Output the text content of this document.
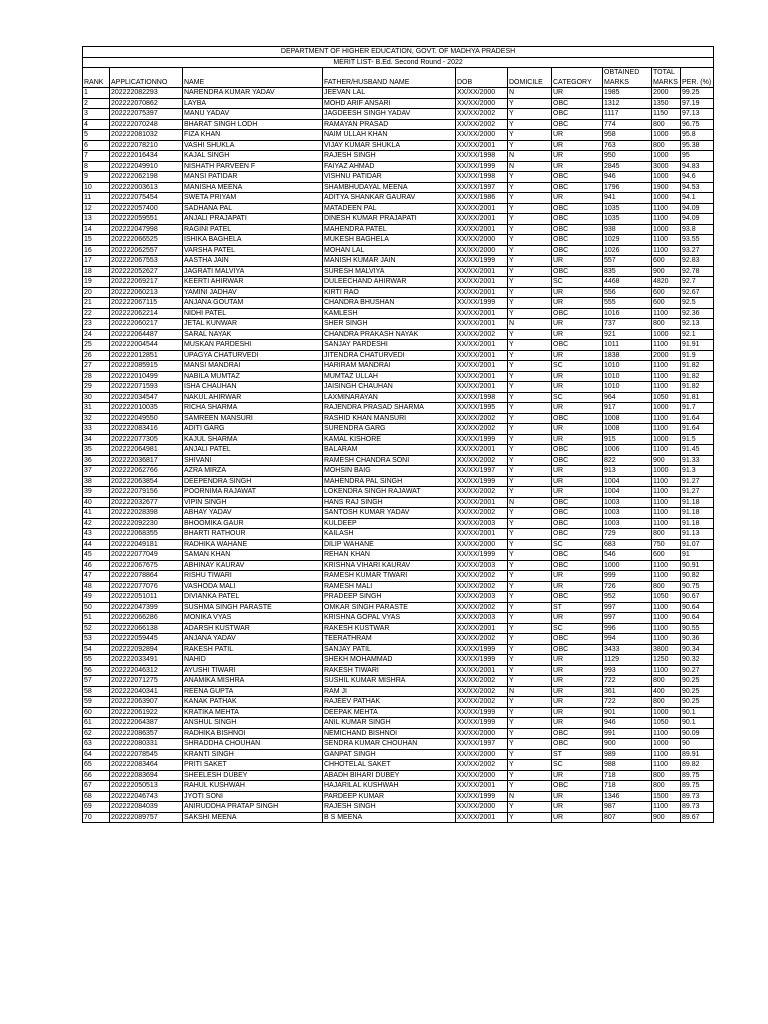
DEPARTMENT OF HIGHER EDUCATION, GOVT. OF MADHYA PRADESH									
MERIT LIST- B.Ed. Second Round - 2022									
RANK	APPLICATIONNO	NAME	FATHER/HUSBAND NAME	DOB	DOMICILE	CATEGORY	OBTAINED	TOTAL	PER. (%)
							MARKS	MARKS	
1	202222082293	NARENDRA KUMAR YADAV	JEEVAN LAL	XX/XX/2000	N	UR	1985	2000	99.25
2	202222070862	LAYBA	MOHD ARIF ANSARI	XX/XX/2000	Y	OBC	1312	1350	97.19
3	202222075397	MANU YADAV	JAGDEESH SINGH YADAV	XX/XX/2002	Y	OBC	1117	1150	97.13
4	202222070248	BHARAT SINGH LODH	RAMAYAN PRASAD	XX/XX/2002	Y	OBC	774	800	96.75
5	202222081032	FIZA KHAN	NAIM ULLAH KHAN	XX/XX/2000	Y	UR	958	1000	95.8
6	202222078210	VASHI SHUKLA	VIJAY KUMAR SHUKLA	XX/XX/2001	Y	UR	763	800	95.38
7	202222016434	KAJAL SINGH	RAJESH SINGH	XX/XX/1998	N	UR	950	1000	95
8	202222049910	NISHATH PARVEEN F	FAIYAZ AHMAD	XX/XX/1999	N	UR	2845	3000	94.83
9	202222062198	MANSI PATIDAR	VISHNU PATIDAR	XX/XX/1998	Y	OBC	946	1000	94.6
10	202222003613	MANISHA MEENA	SHAMBHUDAYAL MEENA	XX/XX/1997	Y	OBC	1796	1900	94.53
11	202222075454	SWETA PRIYAM	ADITYA SHANKAR GAURAV	XX/XX/1986	Y	UR	941	1000	94.1
12	202222057400	SADHANA PAL	MATADEEN PAL	XX/XX/2001	Y	OBC	1035	1100	94.09
13	202222059551	ANJALI PRAJAPATI	DINESH KUMAR PRAJAPATI	XX/XX/2001	Y	OBC	1035	1100	94.09
14	202222047998	RAGINI PATEL	MAHENDRA PATEL	XX/XX/2001	Y	OBC	938	1000	93.8
15	202222066525	ISHIKA BAGHELA	MUKESH BAGHELA	XX/XX/2000	Y	OBC	1029	1100	93.55
16	202222062557	VARSHA PATEL	MOHAN LAL	XX/XX/2000	Y	OBC	1026	1100	93.27
17	202222067553	AASTHA JAIN	MANISH KUMAR JAIN	XX/XX/1999	Y	UR	557	600	92.83
18	202222052627	JAGRATI MALVIYA	SURESH MALVIYA	XX/XX/2001	Y	OBC	835	900	92.78
19	202222069217	KEERTI AHIRWAR	DULEECHAND AHIRWAR	XX/XX/2001	Y	SC	4468	4820	92.7
20	202222060213	YAMINI JADHAV	KIRTI RAO	XX/XX/2001	Y	UR	556	600	92.67
21	202222067115	ANJANA GOUTAM	CHANDRA BHUSHAN	XX/XX/1999	Y	UR	555	600	92.5
22	202222062214	NIDHI PATEL	KAMLESH	XX/XX/2001	Y	OBC	1016	1100	92.36
23	202222060217	JETAL KUNWAR	SHER SINGH	XX/XX/2001	N	UR	737	800	92.13
24	202222064487	SARAL NAYAK	CHANDRA PRAKASH NAYAK	XX/XX/2002	Y	UR	921	1000	92.1
25	202222004544	MUSKAN PARDESHI	SANJAY PARDESHI	XX/XX/2001	Y	OBC	1011	1100	91.91
26	202222012851	UPAGYA CHATURVEDI	JITENDRA CHATURVEDI	XX/XX/2001	Y	UR	1838	2000	91.9
27	202222085915	MANSI MANDRAI	HARIRAM MANDRAI	XX/XX/2001	Y	SC	1010	1100	91.82
28	202222010499	NABILA MUMTAZ	MUMTAZ ULLAH	XX/XX/2001	Y	UR	1010	1100	91.82
29	202222071593	ISHA CHAUHAN	JAISINGH CHAUHAN	XX/XX/2001	Y	UR	1010	1100	91.82
30	202222034547	NAKUL AHIRWAR	LAXMINARAYAN	XX/XX/1998	Y	SC	964	1050	91.81
31	202222010035	RICHA SHARMA	RAJENDRA PRASAD SHARMA	XX/XX/1995	Y	UR	917	1000	91.7
32	202222049550	SAMREEN MANSURI	RASHID KHAN MANSURI	XX/XX/2002	Y	OBC	1008	1100	91.64
33	202222083416	ADITI GARG	SURENDRA GARG	XX/XX/2002	Y	UR	1008	1100	91.64
34	202222077305	KAJUL SHARMA	KAMAL KISHORE	XX/XX/1999	Y	UR	915	1000	91.5
35	202222064981	ANJALI PATEL	BALARAM	XX/XX/2001	Y	OBC	1006	1100	91.45
36	202222036817	SHIVANI	RAMESH CHANDRA SONI	XX/XX/2002	Y	OBC	822	900	91.33
37	202222062766	AZRA MIRZA	MOHSIN BAIG	XX/XX/1997	Y	UR	913	1000	91.3
38	202222063854	DEEPENDRA SINGH	MAHENDRA PAL SINGH	XX/XX/1999	Y	UR	1004	1100	91.27
39	202222079156	POORNIMA RAJAWAT	LOKENDRA SINGH RAJAWAT	XX/XX/2002	Y	UR	1004	1100	91.27
40	202222032677	VIPIN SINGH	HANS RAJ SINGH	XX/XX/2001	N	OBC	1003	1100	91.18
41	202222028398	ABHAY YADAV	SANTOSH KUMAR YADAV	XX/XX/2002	Y	OBC	1003	1100	91.18
42	202222092230	BHOOMIKA GAUR	KULDEEP	XX/XX/2003	Y	OBC	1003	1100	91.18
43	202222068355	BHARTI RATHOUR	KAILASH	XX/XX/2001	Y	OBC	729	800	91.13
44	202222049181	RADHIKA WAHANE	DILIP WAHANE	XX/XX/2000	Y	SC	683	750	91.07
45	202222077049	SAMAN KHAN	REHAN KHAN	XX/XX/1999	Y	OBC	546	600	91
46	202222067675	ABHINAY KAURAV	KRISHNA VIHARI KAURAV	XX/XX/2003	Y	OBC	1000	1100	90.91
47	202222078864	RISHU TIWARI	RAMESH KUMAR TIWARI	XX/XX/2002	Y	UR	999	1100	90.82
48	202222077076	VASHODA MALI	RAMESH MALI	XX/XX/2002	Y	UR	726	800	90.75
49	202222051011	DIVIANKA PATEL	PRADEEP SINGH	XX/XX/2003	Y	OBC	952	1050	90.67
50	202222047399	SUSHMA SINGH PARASTE	OMKAR SINGH PARASTE	XX/XX/2002	Y	ST	997	1100	90.64
51	202222066286	MONIKA VYAS	KRISHNA GOPAL VYAS	XX/XX/2003	Y	UR	997	1100	90.64
52	202222066138	ADARSH KUSTWAR	RAKESH KUSTWAR	XX/XX/2001	Y	SC	996	1100	90.55
53	202222059445	ANJANA YADAV	TEERATHRAM	XX/XX/2002	Y	OBC	994	1100	90.36
54	202222092894	RAKESH PATIL	SANJAY PATIL	XX/XX/1999	Y	OBC	3433	3800	90.34
55	202222033491	NAHID	SHEKH MOHAMMAD	XX/XX/1999	Y	UR	1129	1250	90.32
56	202222046312	AYUSHI TIWARI	RAKESH TIWARI	XX/XX/2001	Y	UR	993	1100	90.27
57	202222071275	ANAMIKA MISHRA	SUSHIL KUMAR MISHRA	XX/XX/2002	Y	UR	722	800	90.25
58	202222040341	REENA GUPTA	RAM JI	XX/XX/2002	N	UR	361	400	90.25
59	202222063907	KANAK PATHAK	RAJEEV PATHAK	XX/XX/2002	Y	UR	722	800	90.25
60	202222061922	KRATIKA MEHTA	DEEPAK MEHTA	XX/XX/1999	Y	UR	901	1000	90.1
61	202222064387	ANSHUL SINGH	ANIL KUMAR SINGH	XX/XX/1999	Y	UR	946	1050	90.1
62	202222086357	RADHIKA BISHNOI	NEMICHAND BISHNOI	XX/XX/2000	Y	OBC	991	1100	90.09
63	202222080331	SHRADDHA CHOUHAN	SENDRA KUMAR CHOUHAN	XX/XX/1997	Y	OBC	900	1000	90
64	202222078545	KRANTI SINGH	GANPAT SINGH	XX/XX/2000	Y	ST	989	1100	89.91
65	202222083464	PRITI SAKET	CHHOTELAL SAKET	XX/XX/2002	Y	SC	988	1100	89.82
66	202222083694	SHEELESH DUBEY	ABADH BIHARI DUBEY	XX/XX/2000	Y	UR	718	800	89.75
67	202222050513	RAHUL KUSHWAH	HAJARILAL KUSHWAH	XX/XX/2001	Y	OBC	718	800	89.75
68	202222046743	JYOTI SONI	PARDEEP KUMAR	XX/XX/1999	N	UR	1346	1500	89.73
69	202222084039	ANIRUDDHA PRATAP SINGH	RAJESH SINGH	XX/XX/2000	Y	UR	987	1100	89.73
70	202222089757	SAKSHI MEENA	B S MEENA	XX/XX/2001	Y	UR	807	900	89.67
